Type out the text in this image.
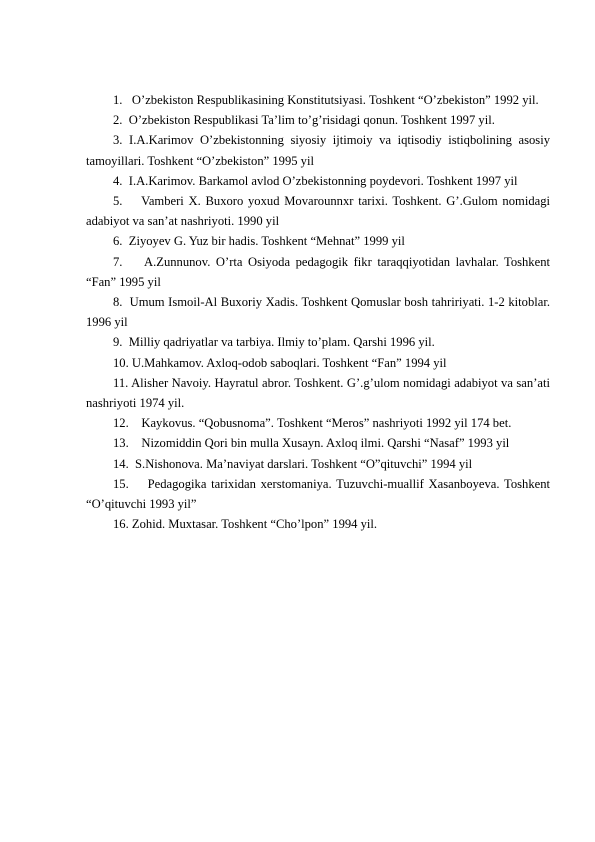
1. O’zbekiston Respublikasining Konstitutsiyasi. Toshkent “O’zbekiston” 1992 yil.

2. O’zbekiston Respublikasi Ta’lim to’g’risidagi qonun. Toshkent 1997 yil.

3. I.A.Karimov O’zbekistonning siyosiy ijtimoiy va iqtisodiy istiqbolining asosiy tamoyillari. Toshkent “O’zbekiston” 1995 yil

4. I.A.Karimov. Barkamol avlod O’zbekistonning poydevori. Toshkent 1997 yil

5. Vamberi X. Buxoro yoxud Movarounnxr tarixi. Toshkent. G’.Gulom nomidagi adabiyot va san’at nashriyoti. 1990 yil

6. Ziyoyev G. Yuz bir hadis. Toshkent “Mehnat” 1999 yil

7. A.Zunnunov. O’rta Osiyoda pedagogik fikr taraqqiyotidan lavhalar. Toshkent “Fan” 1995 yil

8. Umum Ismoil-Al Buxoriy Xadis. Toshkent Qomuslar bosh tahririyati. 1-2 kitoblar. 1996 yil

9. Milliy qadriyatlar va tarbiya. Ilmiy to’plam. Qarshi 1996 yil.

10. U.Mahkamov. Axloq-odob saboqlari. Toshkent “Fan” 1994 yil

11. Alisher Navoiy. Hayratul abror. Toshkent. G’.g’ulom nomidagi adabiyot va san’ati nashriyoti 1974 yil.

12. Kaykovus. “Qobusnoma”. Toshkent “Meros” nashriyoti 1992 yil 174 bet.

13. Nizomiddin Qori bin mulla Xusayn. Axloq ilmi. Qarshi “Nasaf” 1993 yil

14. S.Nishonova. Ma’naviyat darslari. Toshkent “O”qituvchi” 1994 yil

15. Pedagogika tarixidan xerstomaniya. Tuzuvchi-muallif Xasanboyeva. Toshkent “O’qituvchi 1993 yil”

16. Zohid. Muxtasar. Toshkent “Cho’lpon” 1994 yil.
